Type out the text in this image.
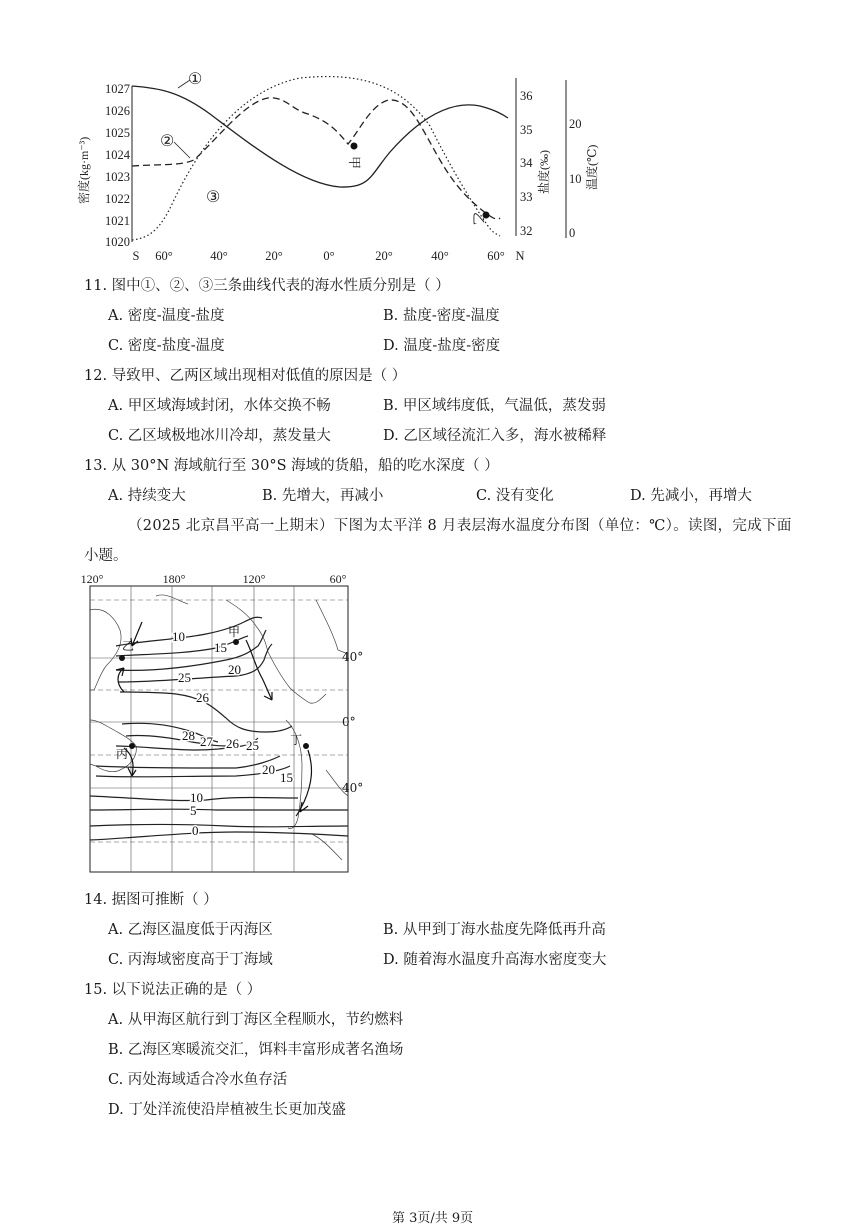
1027
1026
1025
1024
1023
1022
1021
1020
密度(kg·m⁻³)
36
35
34
33
32
盐度(‰)
20
10
0
温度(℃)
S 60°	40°	20°	0°	20°	40°	60° N
①
②
③
甲
乙
11. 图中①、②、③三条曲线代表的海水性质分别是（ ）
A. 密度-温度-盐度	B. 盐度-密度-温度
C. 密度-盐度-温度	D. 温度-盐度-密度
12. 导致甲、乙两区域出现相对低值的原因是（ ）
A. 甲区域海域封闭，水体交换不畅	B. 甲区域纬度低，气温低，蒸发弱
C. 乙区域极地冰川冷却，蒸发量大	D. 乙区域径流汇入多，海水被稀释
13. 从 30°N 海域航行至 30°S 海域的货船，船的吃水深度（ ）
A. 持续变大	B. 先增大，再减小	C. 没有变化	D. 先减小，再增大
（2025 北京昌平高一上期末）下图为太平洋 8 月表层海水温度分布图（单位：℃）。读图，完成下面
小题。
120°	180°	120°	60°
10
15
20
25
26
28 27 26 25
20
15
10
5
0
甲
乙
丙
丁
40°
0°
40°
14. 据图可推断（ ）
A. 乙海区温度低于丙海区	B. 从甲到丁海水盐度先降低再升高
C. 丙海域密度高于丁海域	D. 随着海水温度升高海水密度变大
15. 以下说法正确的是（ ）
A. 从甲海区航行到丁海区全程顺水，节约燃料
B. 乙海区寒暖流交汇，饵料丰富形成著名渔场
C. 丙处海域适合冷水鱼存活
D. 丁处洋流使沿岸植被生长更加茂盛
第 3页/共 9页
